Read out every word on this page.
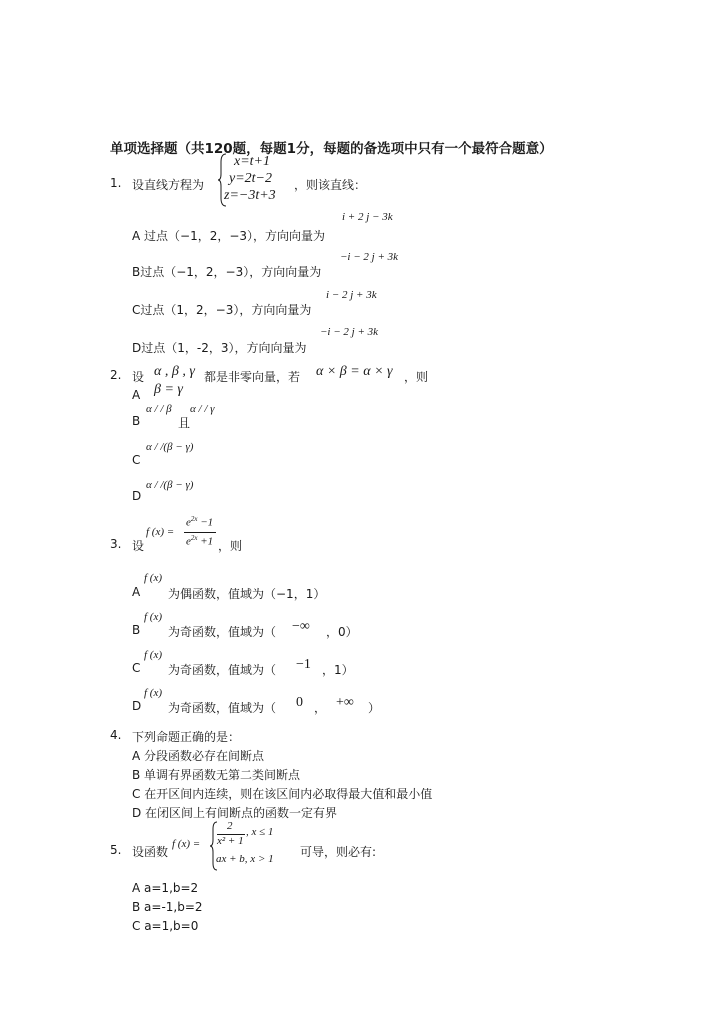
单项选择题（共120题，每题1分，每题的备选项中只有一个最符合题意）
1. 设直线方程为
x=t+1
y=2t−2
z=−3t+3
，则该直线：
i + 2 j − 3k
A 过点（−1，2，−3），方向向量为
−i − 2 j + 3k
B过点（−1，2，−3），方向向量为
i − 2 j + 3k
C过点（1，2，−3），方向向量为
−i − 2 j + 3k
D过点（1，-2，3），方向向量为
2. 设 α , β , γ 都是非零向量，若 α × β = α × γ ，则
A β = γ
α / / β α / / γ
B	且
α / /(β − γ)
C
α / /(β − γ)
D
3. 设
f (x) =
$e^{2x} -1$
$e^{2x} +1$ ，则
f (x)
A 为偶函数，值域为（−1，1）
f (x)
B 为奇函数，值域为（ −∞ ，0）
f (x)
C 为奇函数，值域为（ −1 ，1）
f (x)
D 为奇函数，值域为（ 0 ， +∞ ）
4. 下列命题正确的是：
A 分段函数必存在间断点
B 单调有界函数无第二类间断点
C 在开区间内连续，则在该区间内必取得最大值和最小值
D 在闭区间上有间断点的函数一定有界
5. 设函数
f (x) =
2
x² + 1
, x ≤ 1
ax + b, x > 1 可导，则必有:
A a=1,b=2
B a=-1,b=2
C a=1,b=0
